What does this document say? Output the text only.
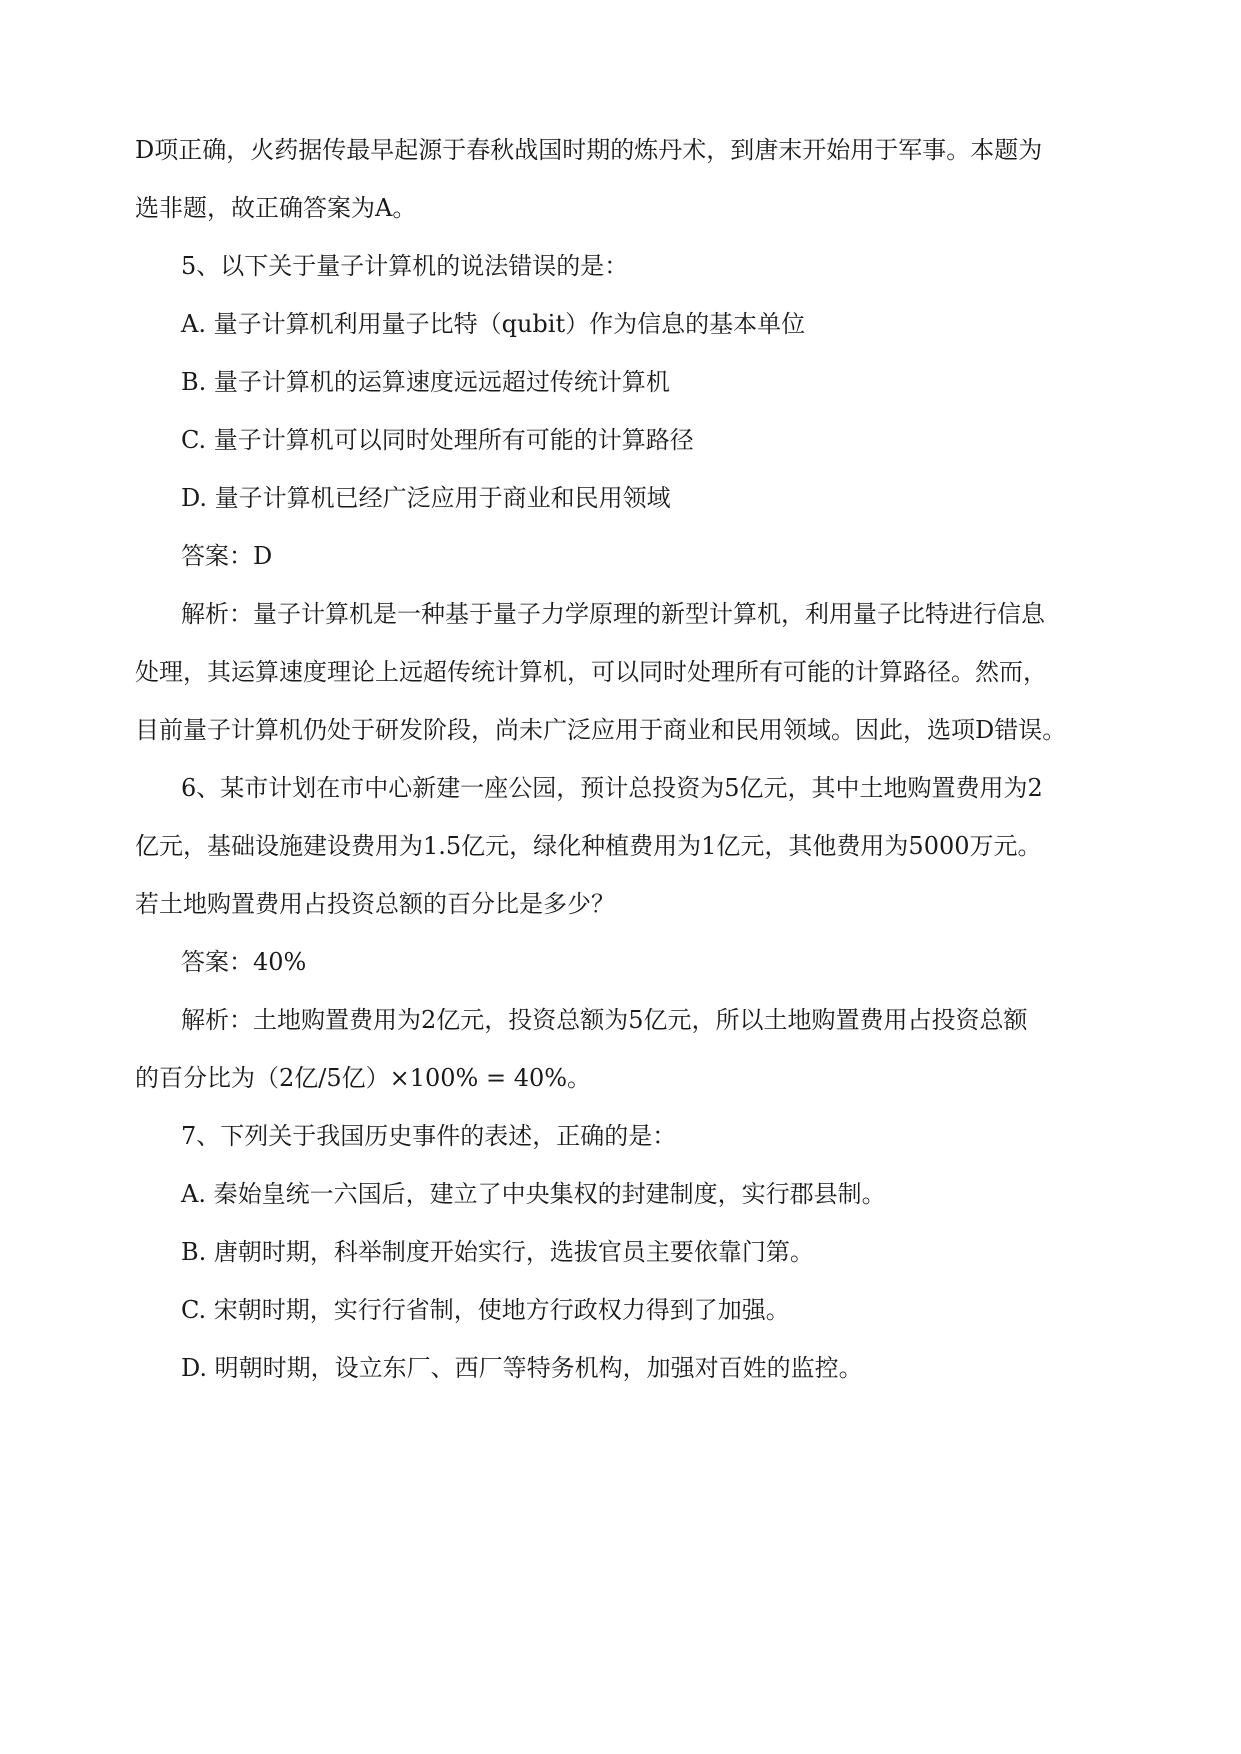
D项正确，火药据传最早起源于春秋战国时期的炼丹术，到唐末开始用于军事。本题为
选非题，故正确答案为A。
5、以下关于量子计算机的说法错误的是：
A. 量子计算机利用量子比特（qubit）作为信息的基本单位
B. 量子计算机的运算速度远远超过传统计算机
C. 量子计算机可以同时处理所有可能的计算路径
D. 量子计算机已经广泛应用于商业和民用领域
答案：D
解析：量子计算机是一种基于量子力学原理的新型计算机，利用量子比特进行信息
处理，其运算速度理论上远超传统计算机，可以同时处理所有可能的计算路径。然而，
目前量子计算机仍处于研发阶段，尚未广泛应用于商业和民用领域。因此，选项D错误。
6、某市计划在市中心新建一座公园，预计总投资为5亿元，其中土地购置费用为2
亿元，基础设施建设费用为1.5亿元，绿化种植费用为1亿元，其他费用为5000万元。
若土地购置费用占投资总额的百分比是多少？
答案：40%
解析：土地购置费用为2亿元，投资总额为5亿元，所以土地购置费用占投资总额
的百分比为（2亿/5亿）×100% = 40%。
7、下列关于我国历史事件的表述，正确的是：
A. 秦始皇统一六国后，建立了中央集权的封建制度，实行郡县制。
B. 唐朝时期，科举制度开始实行，选拔官员主要依靠门第。
C. 宋朝时期，实行行省制，使地方行政权力得到了加强。
D. 明朝时期，设立东厂、西厂等特务机构，加强对百姓的监控。
